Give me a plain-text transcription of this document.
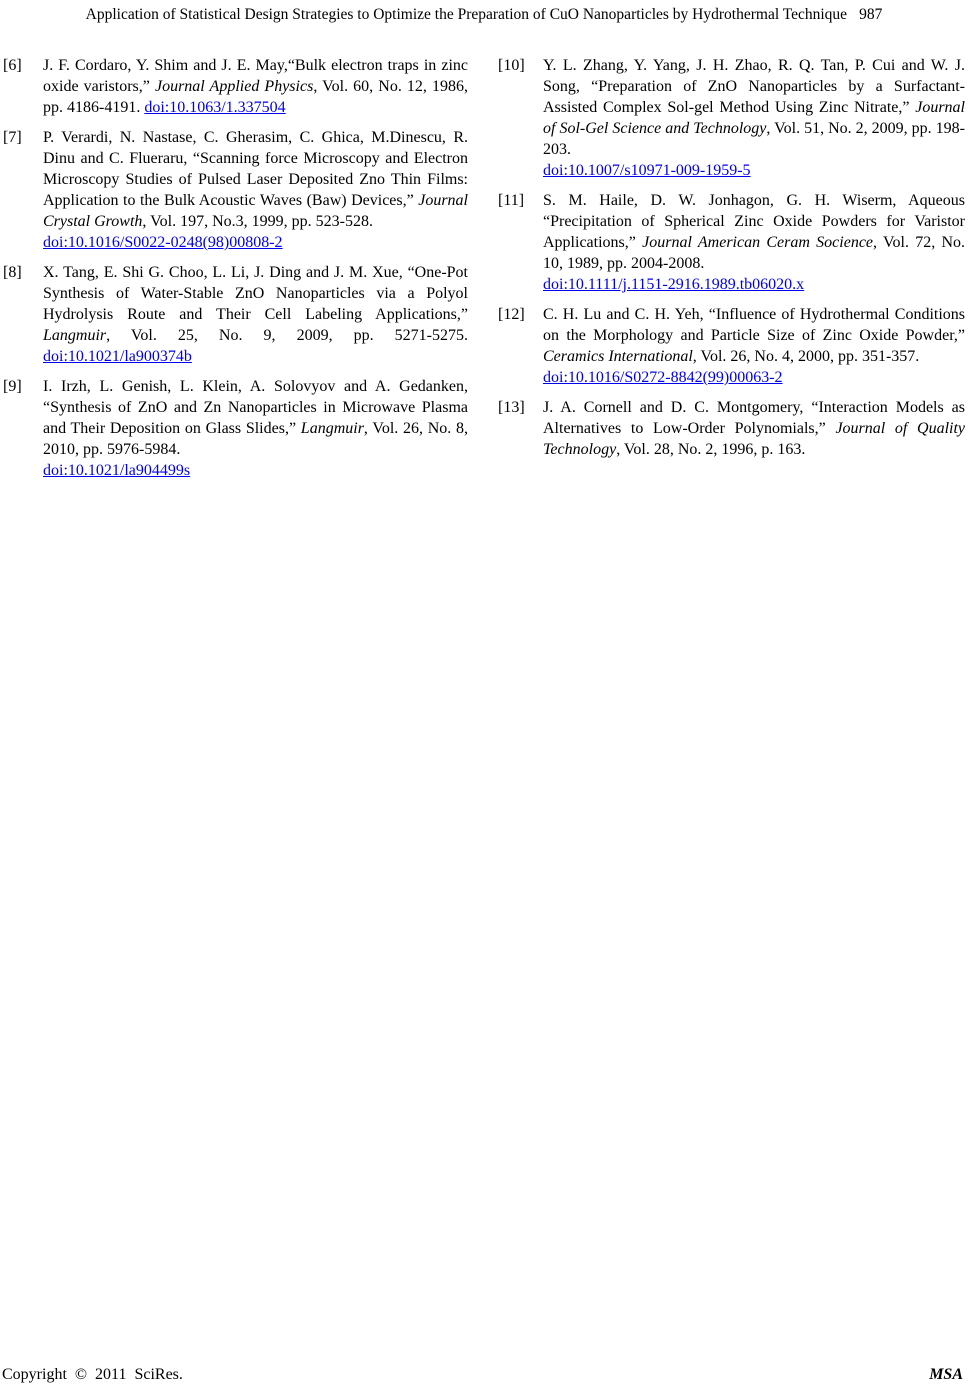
Application of Statistical Design Strategies to Optimize the Preparation of CuO Nanoparticles by Hydrothermal Technique 987
[6] J. F. Cordaro, Y. Shim and J. E. May,“Bulk electron traps in zinc oxide varistors,” Journal Applied Physics, Vol. 60, No. 12, 1986, pp. 4186-4191. doi:10.1063/1.337504
[7] P. Verardi, N. Nastase, C. Gherasim, C. Ghica, M.Dinescu, R. Dinu and C. Flueraru, “Scanning force Microscopy and Electron Microscopy Studies of Pulsed Laser Deposited Zno Thin Films: Application to the Bulk Acoustic Waves (Baw) Devices,” Journal Crystal Growth, Vol. 197, No.3, 1999, pp. 523-528.
doi:10.1016/S0022-0248(98)00808-2
[8] X. Tang, E. Shi G. Choo, L. Li, J. Ding and J. M. Xue, “One-Pot Synthesis of Water-Stable ZnO Nanoparticles via a Polyol Hydrolysis Route and Their Cell Labeling Applications,” Langmuir, Vol. 25, No. 9, 2009, pp. 5271-5275. doi:10.1021/la900374b
[9] I. Irzh, L. Genish, L. Klein, A. Solovyov and A. Gedanken, “Synthesis of ZnO and Zn Nanoparticles in Microwave Plasma and Their Deposition on Glass Slides,” Langmuir, Vol. 26, No. 8, 2010, pp. 5976-5984.
doi:10.1021/la904499s
[10] Y. L. Zhang, Y. Yang, J. H. Zhao, R. Q. Tan, P. Cui and W. J. Song, “Preparation of ZnO Nanoparticles by a Surfactant-Assisted Complex Sol-gel Method Using Zinc Nitrate,” Journal of Sol-Gel Science and Technology, Vol. 51, No. 2, 2009, pp. 198-203.
doi:10.1007/s10971-009-1959-5
[11] S. M. Haile, D. W. Jonhagon, G. H. Wiserm, Aqueous “Precipitation of Spherical Zinc Oxide Powders for Varistor Applications,” Journal American Ceram Socience, Vol. 72, No. 10, 1989, pp. 2004-2008.
doi:10.1111/j.1151-2916.1989.tb06020.x
[12] C. H. Lu and C. H. Yeh, “Influence of Hydrothermal Conditions on the Morphology and Particle Size of Zinc Oxide Powder,” Ceramics International, Vol. 26, No. 4, 2000, pp. 351-357.
doi:10.1016/S0272-8842(99)00063-2
[13] J. A. Cornell and D. C. Montgomery, “Interaction Models as Alternatives to Low-Order Polynomials,” Journal of Quality Technology, Vol. 28, No. 2, 1996, p. 163.
Copyright © 2011 SciRes.	MSA
